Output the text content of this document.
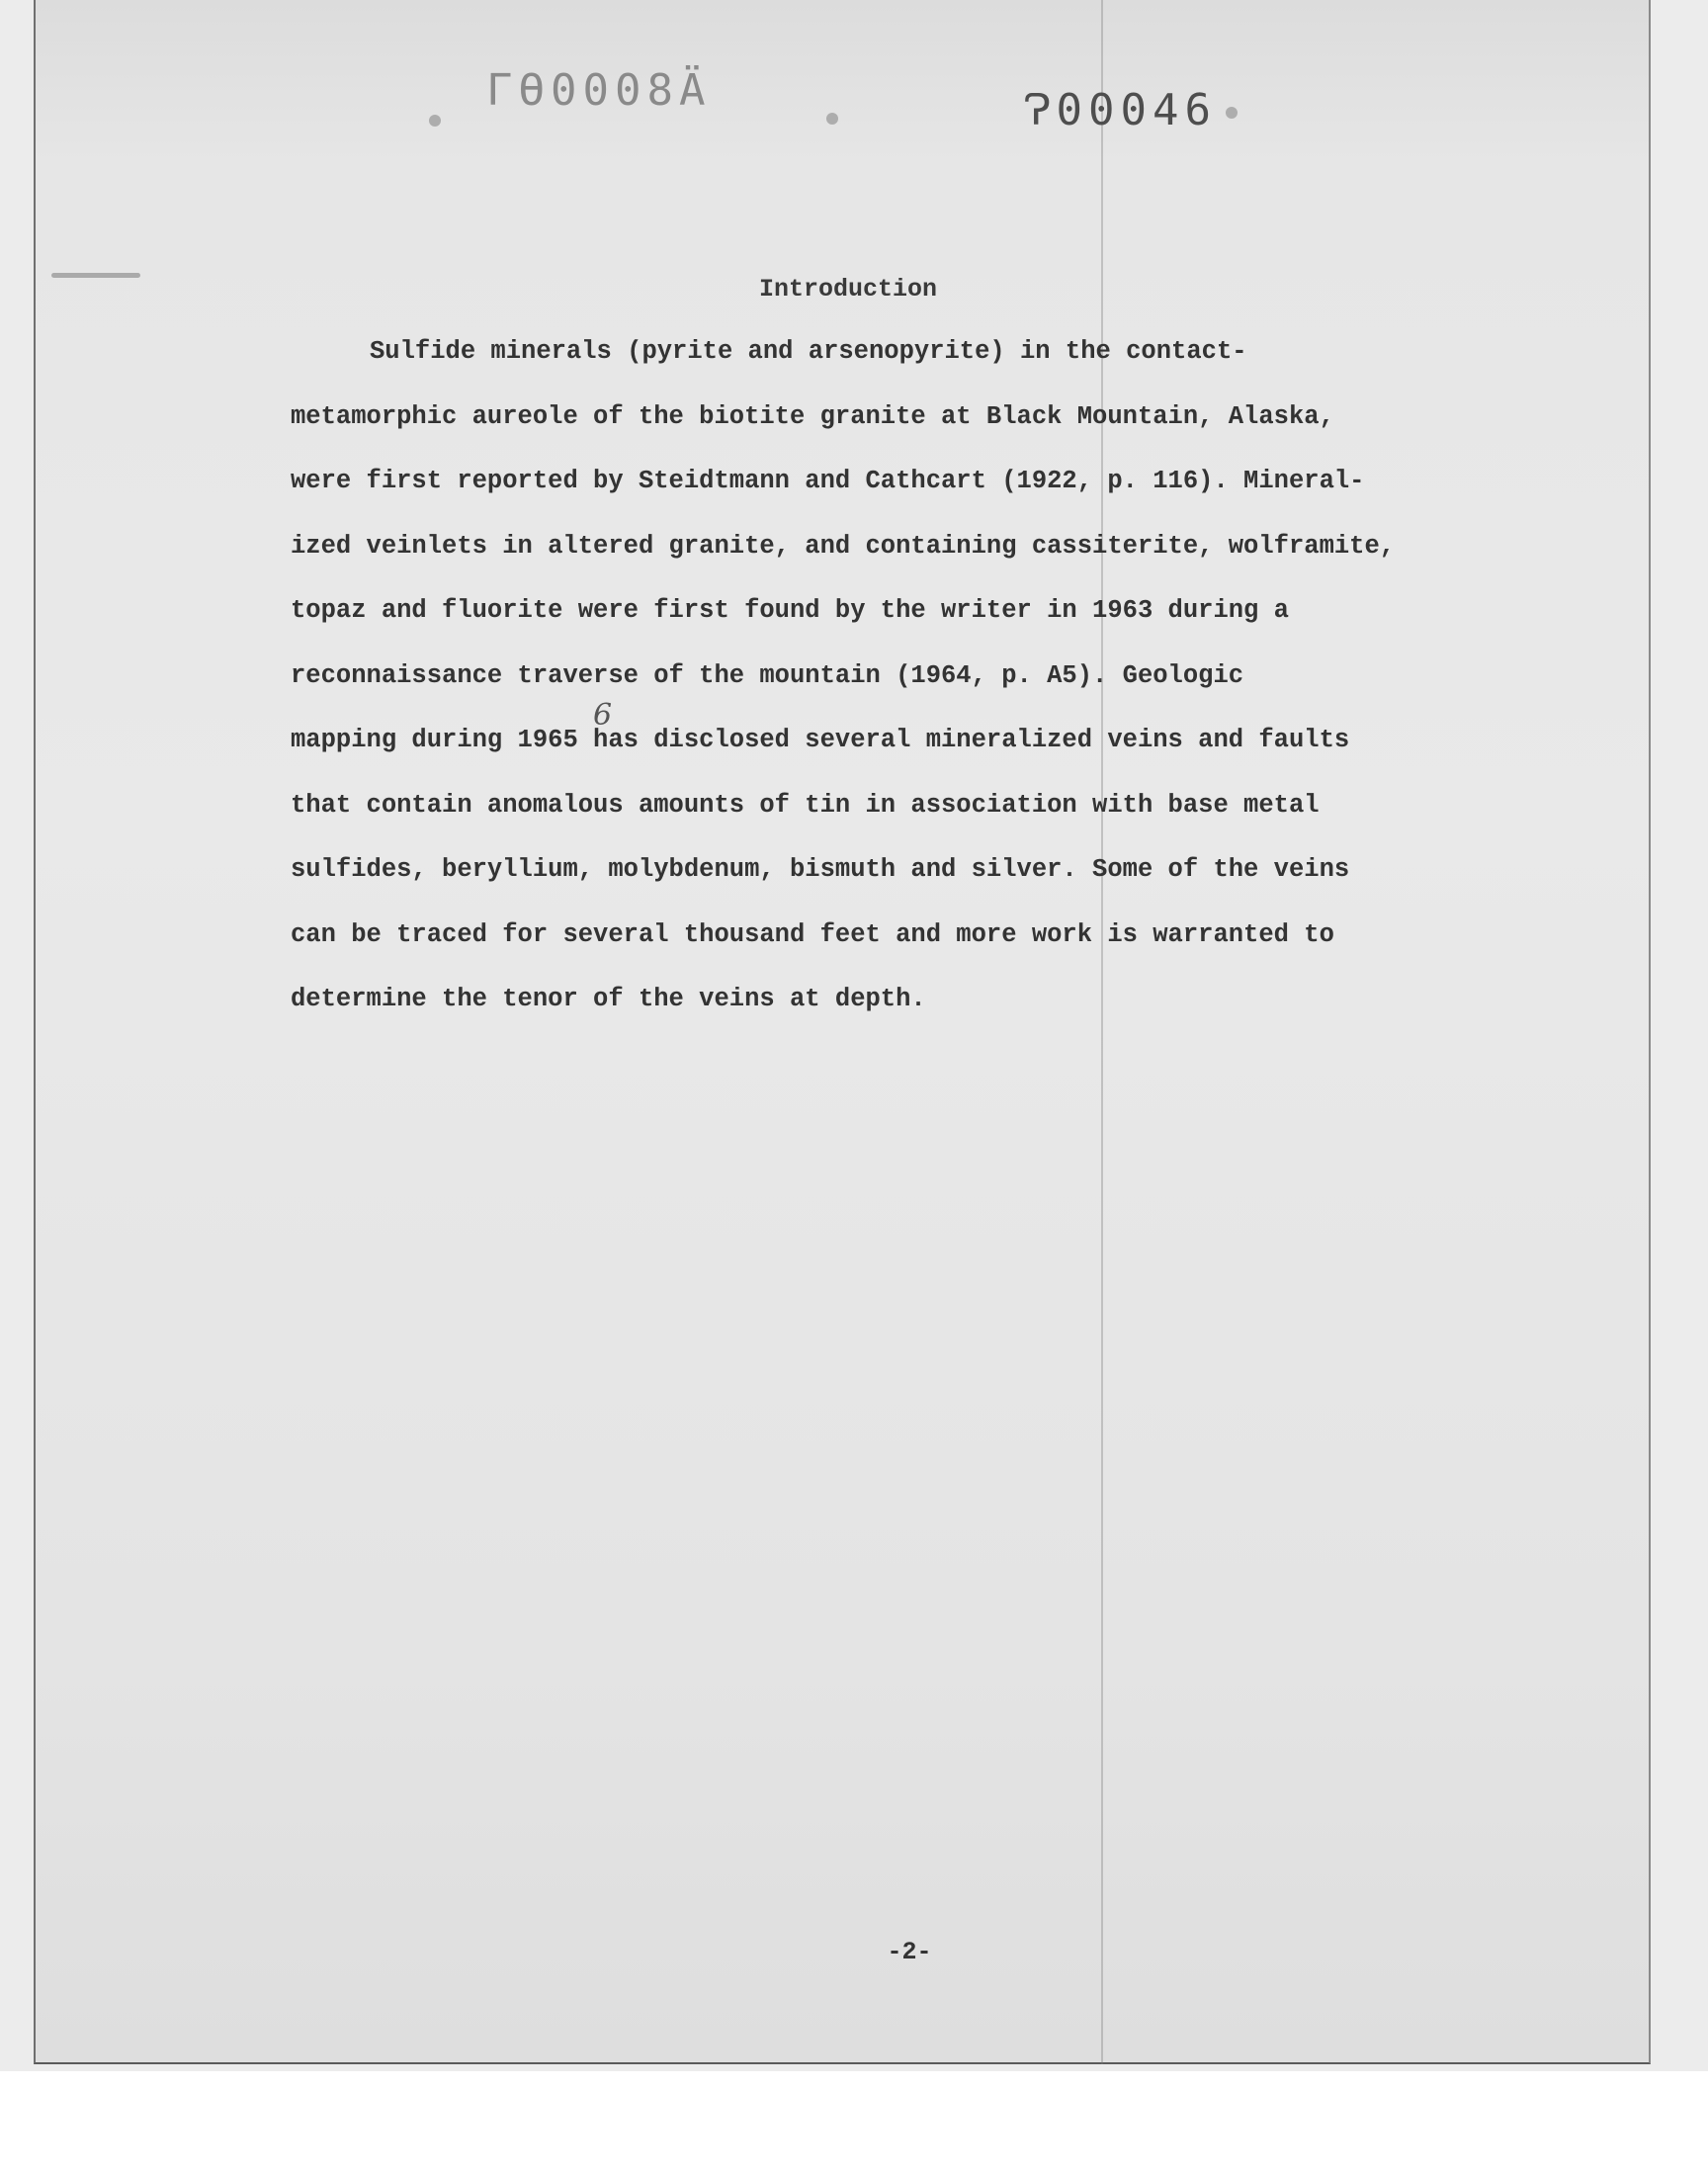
ГӨ0008Ä	Ɂ00046
Introduction
Sulfide minerals (pyrite and arsenopyrite) in the contact-
metamorphic aureole of the biotite granite at Black Mountain, Alaska,
were first reported by Steidtmann and Cathcart (1922, p. 116). Mineral-
ized veinlets in altered granite, and containing cassiterite, wolframite,
topaz and fluorite were first found by the writer in 1963 during a
reconnaissance traverse of the mountain (1964, p. A5). Geologic
mapping during 1965 has disclosed several mineralized veins and faults
that contain anomalous amounts of tin in association with base metal
sulfides, beryllium, molybdenum, bismuth and silver. Some of the veins
can be traced for several thousand feet and more work is warranted to
determine the tenor of the veins at depth.
6
-2-
